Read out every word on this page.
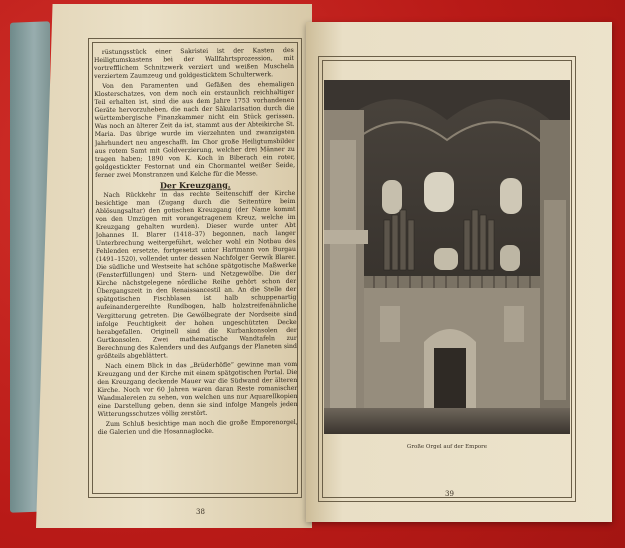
rüstungsstück einer Sakristei ist der Kasten des Heiligtumskastens bei der Wallfahrtsprozession, mit vortrefflichem Schnitzwerk verziert und weißen Muscheln verziertem Zaumzeug und goldgesticktem Schulterwerk.

Von den Paramenten und Gefäßen des ehemaligen Klosterschatzes, von dem noch ein erstaunlich reichhaltiger Teil erhalten ist, sind die aus dem Jahre 1753 vorhandenen Geräte hervorzuheben, die nach der Säkularisation durch die württembergische Finanzkammer nicht ein Stück gerissen. Was noch an älterer Zeit da ist, stammt aus der Abteikirche St. Maria. Das übrige wurde im vierzehnten und zwanzigsten Jahrhundert neu angeschafft. Im Chor große Heiligtumsbilder aus rotem Samt mit Goldverzierung, welcher drei Männer zu tragen haben; 1890 von K. Koch in Biberach ein roter, goldgestickter Festornat und ein Chormantel weißer Seide, ferner zwei Monstranzen und Kelche für die Messe.

Der Kreuzgang.

Nach Rückkehr in das rechte Seitenschiff der Kirche besichtige man (Zugang durch die Seitentüre beim Ablösungsaltar) den gotischen Kreuzgang (der Name kommt von den Umzügen mit vorangetragenem Kreuz, welche im Kreuzgang gehalten wurden). Dieser wurde unter Abt Johannes II. Blarer (1418–37) begonnen, nach langer Unterbrechung weitergeführt, welcher wohl ein Notbau des Fehlenden ersetzte, fortgesetzt unter Hartmann von Burgau (1491–1520), vollendet unter dessen Nachfolger Gerwik Blarer. Die südliche und Westseite hat schöne spätgotische Maßwerke (Fensterfüllungen) und Stern- und Netzgewölbe. Die der Kirche nächstgelegene nördliche Reihe gehört schon der Übergangszeit in den Renaissancestil an. An die Stelle der spätgotischen Fischblasen ist halb schuppenartig aufeinandergereihte Rundbogen, halb holzstreifenähnliche Vergitterung getreten. Die Gewölbegrate der Nordseite sind infolge Feuchtigkeit der hohen ungeschützten Decke herabgefallen. Originell sind die Kurbankonsolen der Gurtkonsolen. Zwei mathematische Wandtafeln zur Berechnung des Kalenders und des Aufgangs der Planeten sind größteils abgeblättert.

Nach einem Blick in das „Brüderhöfle“ gewinne man vom Kreuzgang und der Kirche mit einem spätgotischen Portal. Die den Kreuzgang deckende Mauer war die Südwand der älteren Kirche. Noch vor 60 Jahren waren daran Reste romanischer Wandmalereien zu sehen, von welchen uns nur Aquarellkopien eine Darstellung geben, denn sie sind infolge Mangels jeden Witterungsschutzes völlig zerstört.

Zum Schluß besichtige man noch die große Emporenorgel, die Galerien und die Hosannaglocke.

38
Große Orgel auf der Empore
39
